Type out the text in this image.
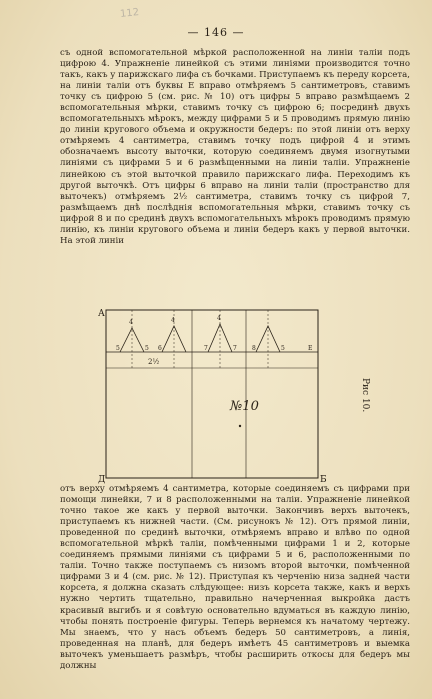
112
— 146 —

съ одной вспомогательной мѣркой расположенной на линіи таліи подъ цифрою 4. Упражненіе линейкой съ этими линіями производится точно такъ, какъ у парижскаго лифа съ бочками. Приступаемъ къ переду корсета, на линіи таліи отъ буквы Е вправо отмѣряемъ 5 сантиметровъ, ставимъ точку съ цифрою 5 (см. рис. № 10) отъ цифры 5 вправо размѣщаемъ 2 вспомогательныя мѣрки, ставимъ точку съ цифрою 6; посрединѣ двухъ вспомогательныхъ мѣрокъ, между цифрами 5 и 5 проводимъ прямую линію до линіи кругового объема и окружности бедеръ: по этой линіи отъ верху отмѣряемъ 4 сантиметра, ставимъ точку подъ цифрой 4 и этимъ обозначаемъ высоту выточки, которую соединяемъ двумя изогнутыми линіями съ цифрами 5 и 6 размѣщенными на линіи таліи. Упражненіе линейкою съ этой выточкой правило парижскаго лифа. Переходимъ къ другой выточкѣ. Отъ цифры 6 вправо на линіи таліи (пространство для выточекъ) отмѣряемъ 2½ сантиметра, ставимъ точку съ цифрой 7, размѣщаемъ днѣ послѣднія вспомогательныя мѣрки, ставимъ точку съ цифрой 8 и по срединѣ двухъ вспомогательныхъ мѣрокъ проводимъ прямую линію, къ линіи кругового объема и линіи бедеръ какъ у первой выточки. На этой линіи

А
Д	Б
2½
№10
4	4	4
5	5 6	7	7	8	5	Е
Рис 10.

отъ верху отмѣряемъ 4 сантиметра, которые соединяемъ съ цифрами при помощи линейки, 7 и 8 расположенными на таліи. Упражненіе линейкой точно такое же какъ у первой выточки. Закончивъ верхъ выточекъ, приступаемъ къ нижней части. (См. рисунокъ № 12). Отъ прямой линіи, проведенной по срединѣ выточки, отмѣряемъ вправо и влѣво по одной вспомогательной мѣркѣ таліи, помѣченными цифрами 1 и 2, которые соединяемъ прямыми линіями съ цифрами 5 и 6, расположенными по таліи. Точно также поступаемъ съ низомъ второй выточки, помѣченной цифрами 3 и 4 (см. рис. № 12). Приступая къ черченію низа задней части корсета, я должна сказать слѣдующее: низъ корсета также, какъ и верхъ нужно чертить тщательно, правильно начерченная выкройка дастъ красивый выгибъ и я совѣтую основательно вдуматься въ каждую линію, чтобы понять построеніе фигуры. Теперь вернемся къ начатому чертежу. Мы знаемъ, что у насъ объемъ бедеръ 50 сантиметровъ, а линія, проведенная на планѣ, для бедеръ имѣетъ 45 сантиметровъ и выемка выточекъ уменьшаетъ размѣръ, чтобы расширить откосы для бедеръ мы должны
